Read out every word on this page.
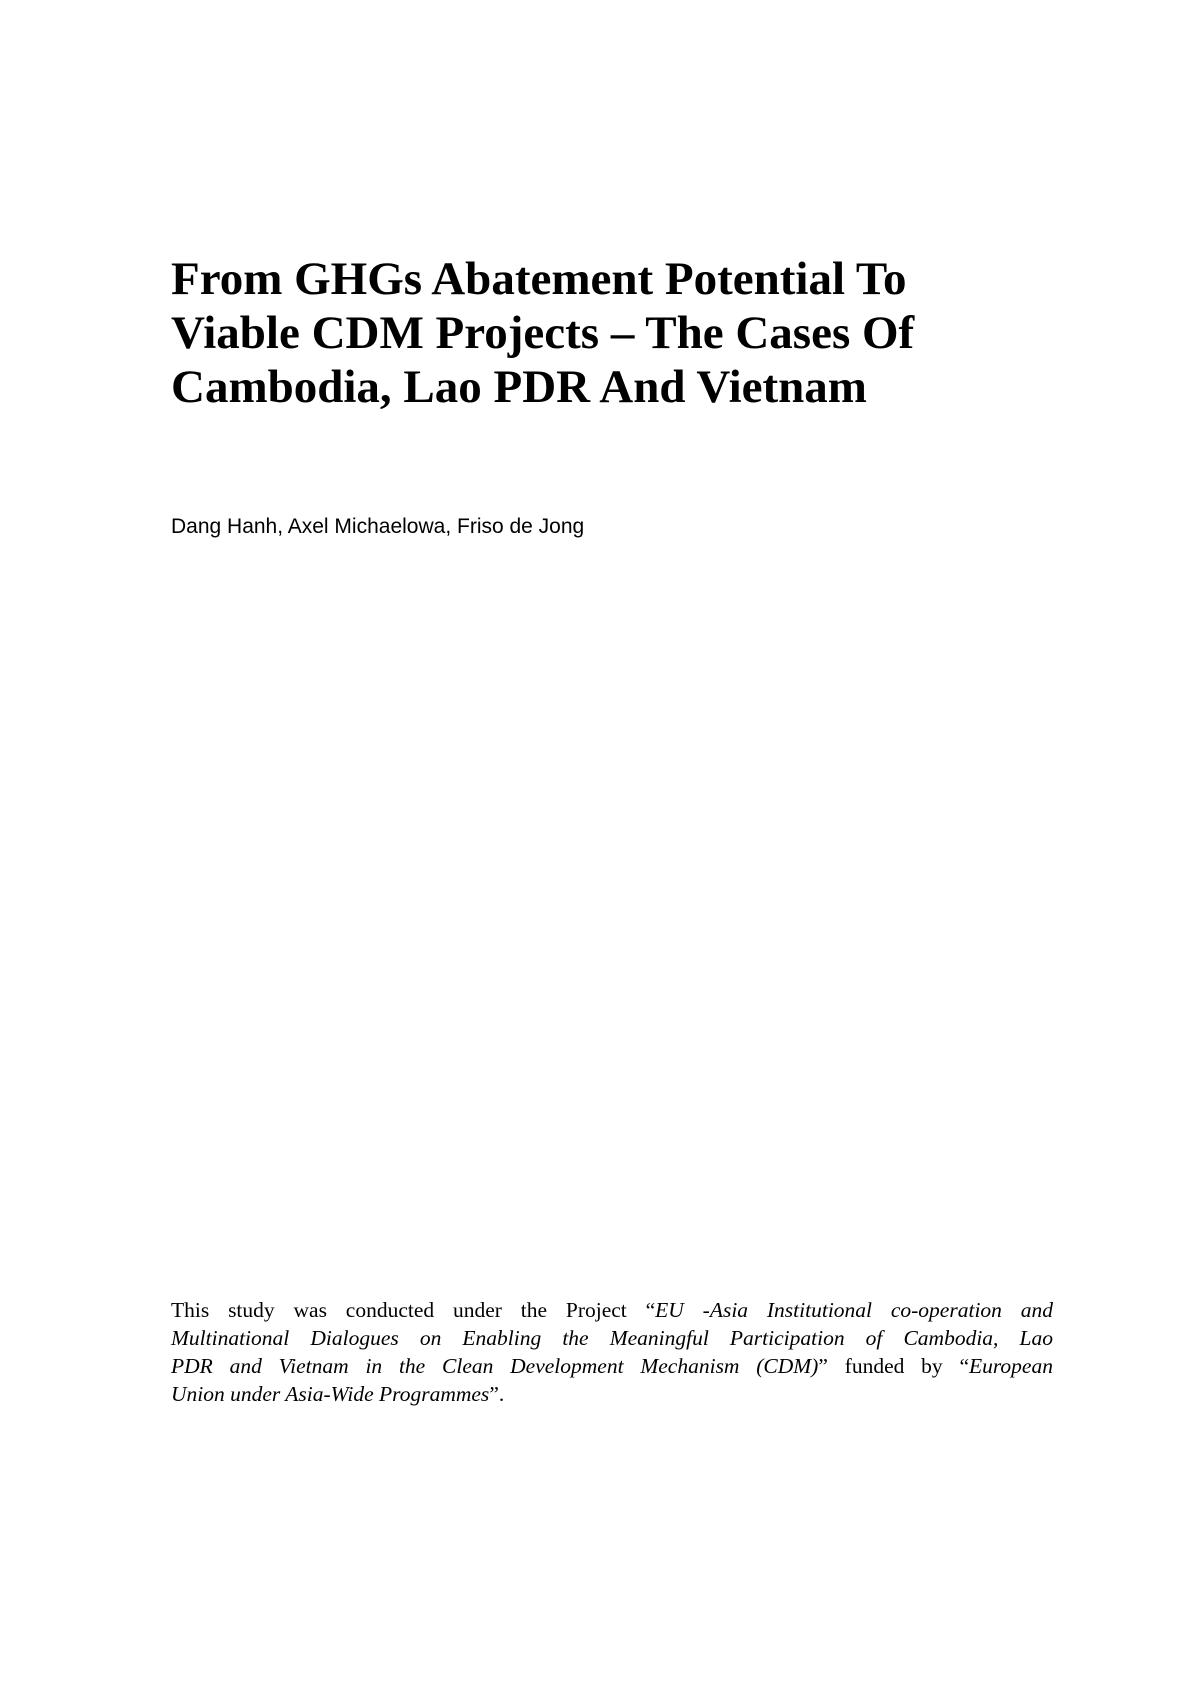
From GHGs Abatement Potential To
Viable CDM Projects – The Cases Of
Cambodia, Lao PDR And Vietnam

Dang Hanh, Axel Michaelowa, Friso de Jong

This study was conducted under the Project “EU -Asia Institutional co-operation and
Multinational Dialogues on Enabling the Meaningful Participation of Cambodia, Lao
PDR and Vietnam in the Clean Development Mechanism (CDM)” funded by “European
Union under Asia-Wide Programmes”.
